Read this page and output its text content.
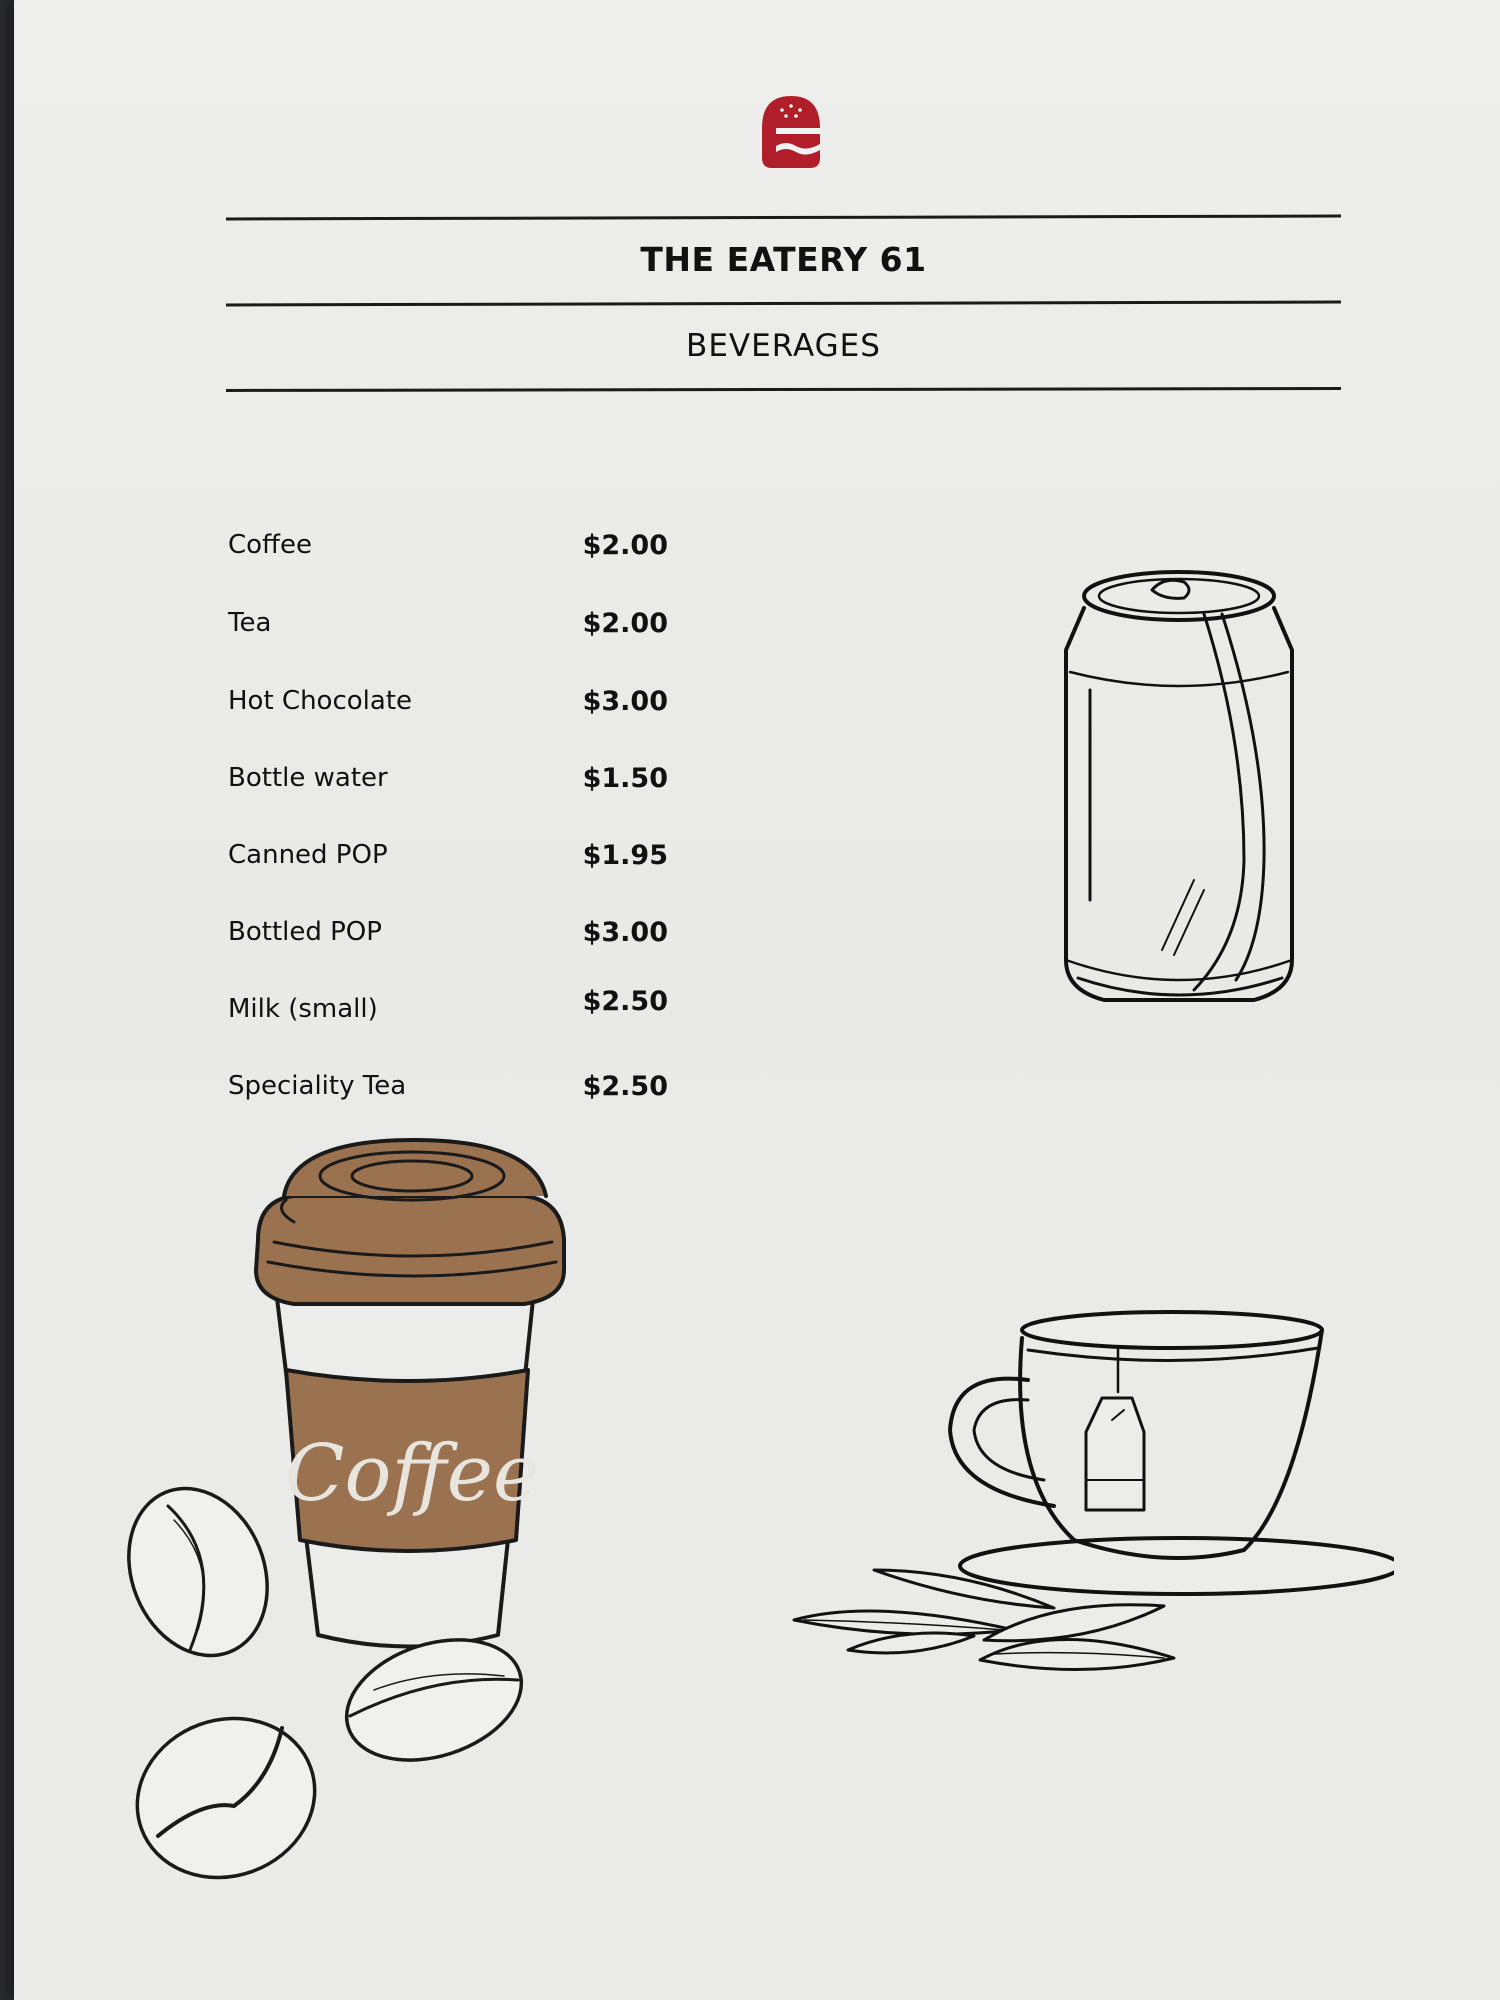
THE EATERY 61
BEVERAGES
Coffee	$2.00
Tea	$2.00
Hot Chocolate	$3.00
Bottle water	$1.50
Canned POP	$1.95
Bottled POP	$3.00
Milk (small)	$2.50
Speciality Tea	$2.50
Coffee
